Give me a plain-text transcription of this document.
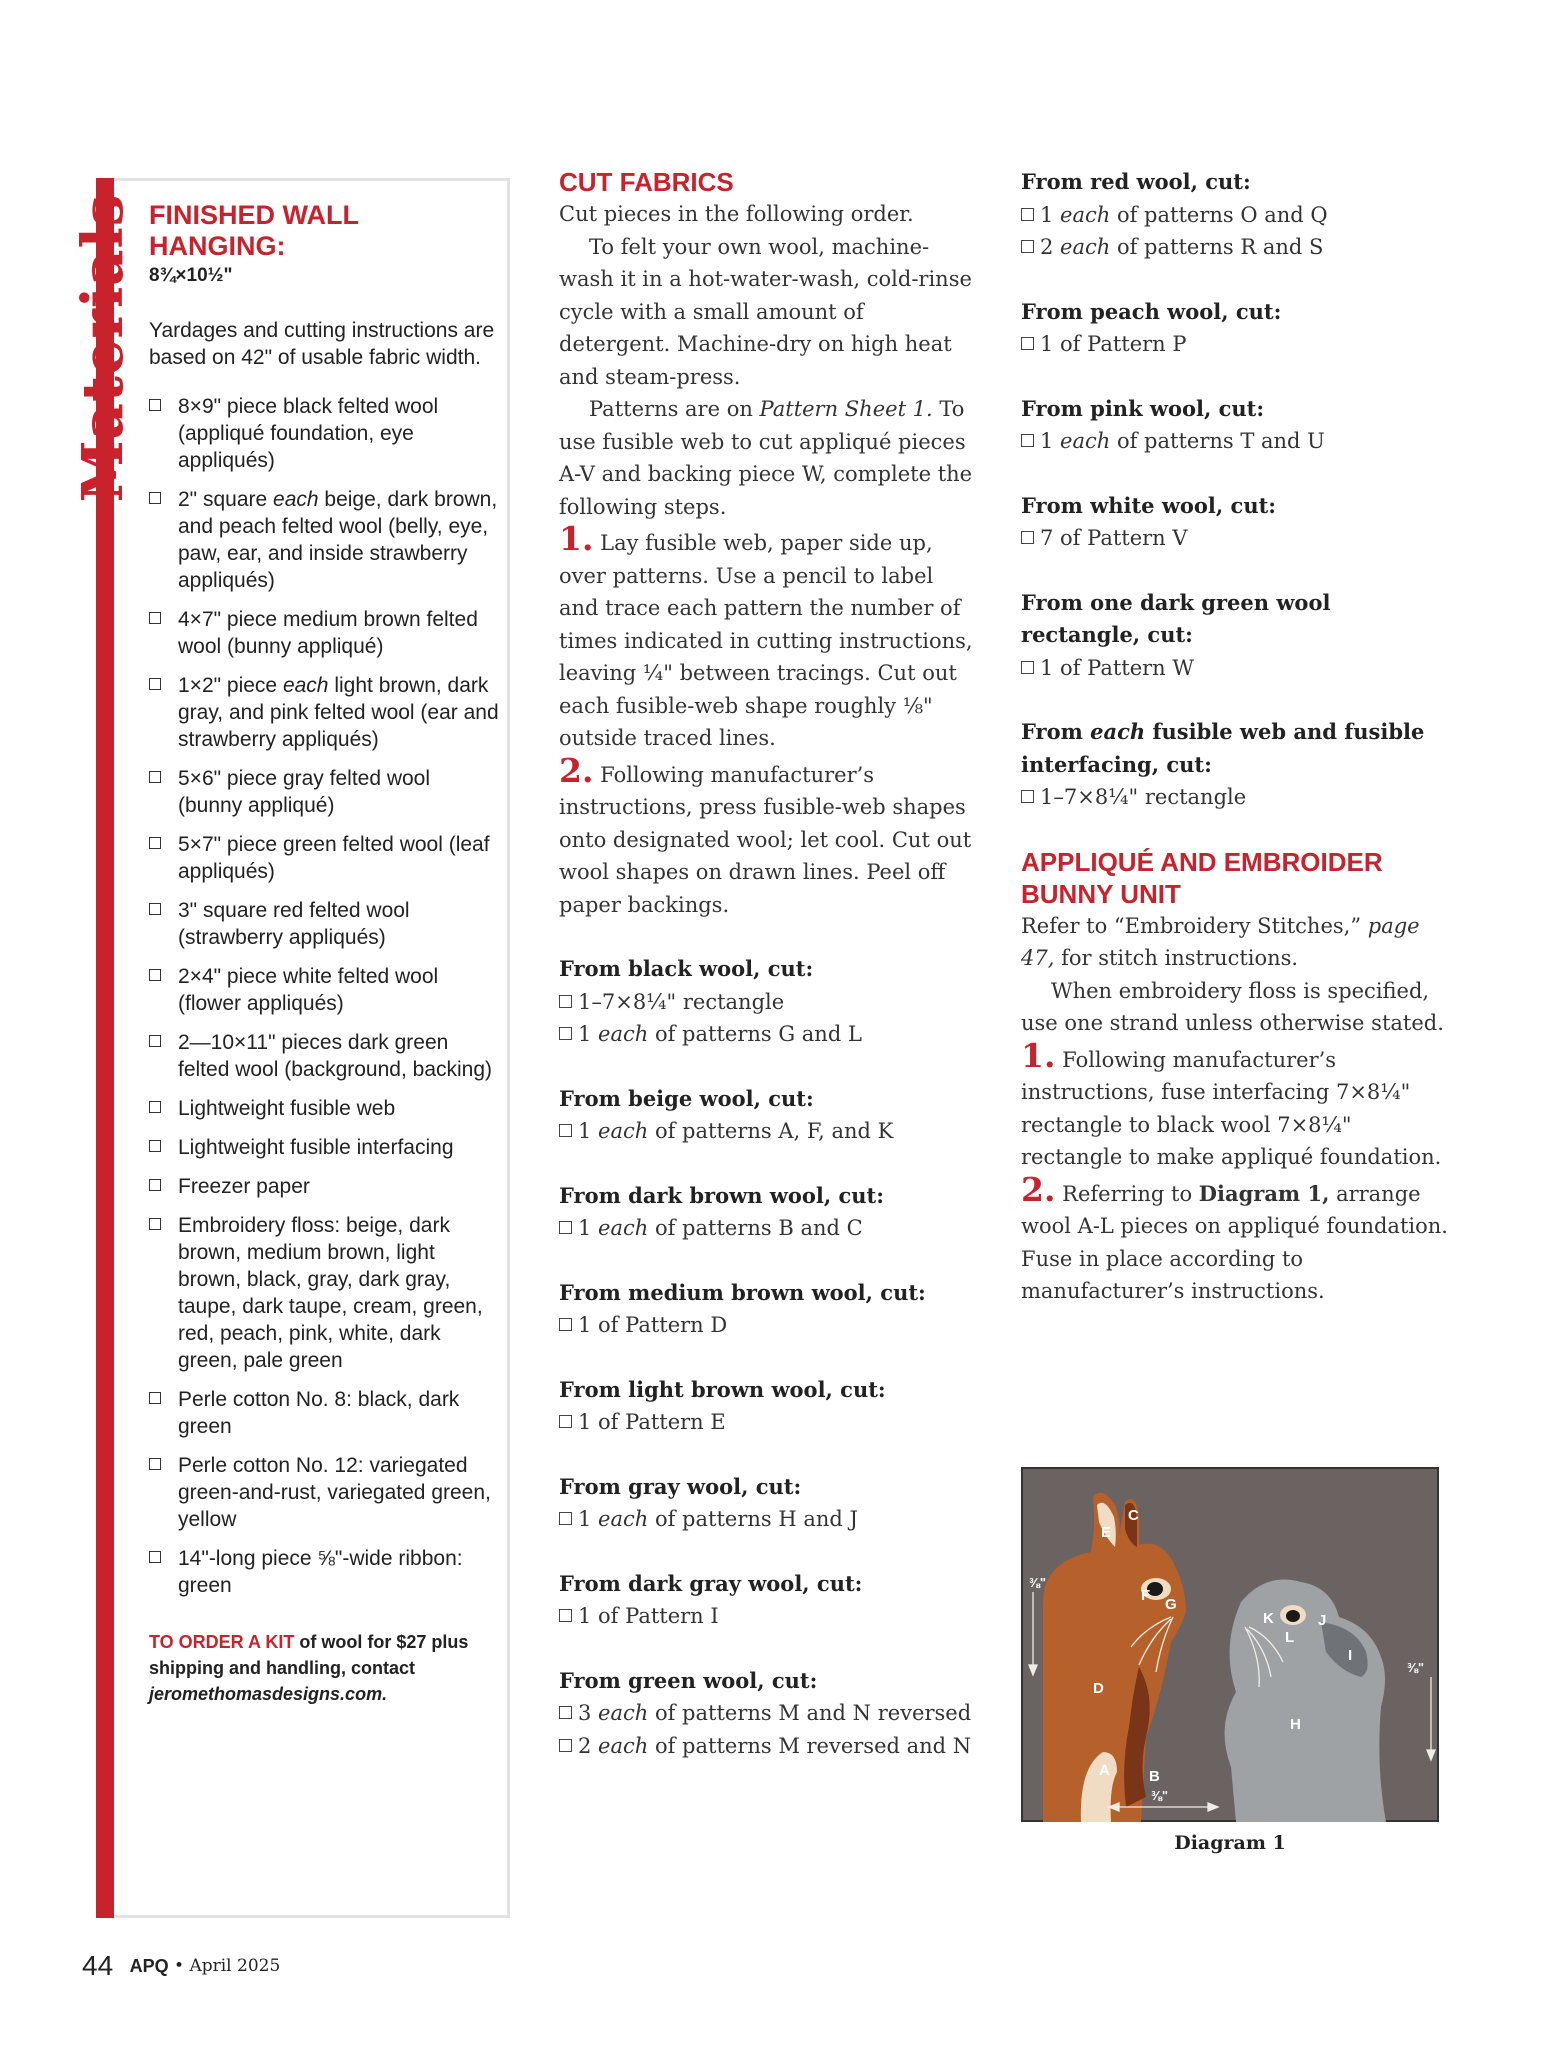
Materials FINISHED WALL HANGING:
8¾×10½"
Yardages and cutting instructions are based on 42" of usable fabric width.
8×9" piece black felted wool (appliqué foundation, eye appliqués)
2" square each beige, dark brown, and peach felted wool (belly, eye, paw, ear, and inside strawberry appliqués)
4×7" piece medium brown felted wool (bunny appliqué)
1×2" piece each light brown, dark gray, and pink felted wool (ear and strawberry appliqués)
5×6" piece gray felted wool (bunny appliqué)
5×7" piece green felted wool (leaf appliqués)
3" square red felted wool (strawberry appliqués)
2×4" piece white felted wool (flower appliqués)
2—10×11" pieces dark green felted wool (background, backing)
Lightweight fusible web
Lightweight fusible interfacing
Freezer paper
Embroidery floss: beige, dark brown, medium brown, light brown, black, gray, dark gray, taupe, dark taupe, cream, green, red, peach, pink, white, dark green, pale green
Perle cotton No. 8: black, dark green
Perle cotton No. 12: variegated green-and-rust, variegated green, yellow
14"-long piece ⅝"-wide ribbon: green
TO ORDER A KIT of wool for $27 plus shipping and handling, contact jeromethomasdesigns.com.
CUT FABRICS

Cut pieces in the following order.

To felt your own wool, machine-wash it in a hot-water-wash, cold-rinse cycle with a small amount of detergent. Machine-dry on high heat and steam-press.

Patterns are on Pattern Sheet 1. To use fusible web to cut appliqué pieces A-V and backing piece W, complete the following steps.

1. Lay fusible web, paper side up, over patterns. Use a pencil to label and trace each pattern the number of times indicated in cutting instructions, leaving ¼" between tracings. Cut out each fusible-web shape roughly ⅛" outside traced lines.

2. Following manufacturer’s instructions, press fusible-web shapes onto designated wool; let cool. Cut out wool shapes on drawn lines. Peel off paper backings.

From black wool, cut:
1–7×8¼" rectangle
1 each of patterns G and L
From beige wool, cut:
1 each of patterns A, F, and K
From dark brown wool, cut:
1 each of patterns B and C
From medium brown wool, cut:
1 of Pattern D
From light brown wool, cut:
1 of Pattern E
From gray wool, cut:
1 each of patterns H and J
From dark gray wool, cut:
1 of Pattern I
From green wool, cut:
3 each of patterns M and N reversed
2 each of patterns M reversed and N
From red wool, cut:
1 each of patterns O and Q
2 each of patterns R and S
From peach wool, cut:
1 of Pattern P
From pink wool, cut:
1 each of patterns T and U
From white wool, cut:
7 of Pattern V
From one dark green wool rectangle, cut:
1 of Pattern W
From each fusible web and fusible interfacing, cut:
1–7×8¼" rectangle
APPLIQUÉ AND EMBROIDER BUNNY UNIT

Refer to “Embroidery Stitches,” page 47, for stitch instructions.

When embroidery floss is specified, use one strand unless otherwise stated.

1. Following manufacturer’s instructions, fuse interfacing 7×8¼" rectangle to black wool 7×8¼" rectangle to make appliqué foundation.

2. Referring to Diagram 1, arrange wool A-L pieces on appliqué foundation. Fuse in place according to manufacturer’s instructions.

A	B
C
D
E
F
G
H
I
J
K
L
⅜"
⅜"
⅜"
Diagram 1
44 APQ • April 2025
